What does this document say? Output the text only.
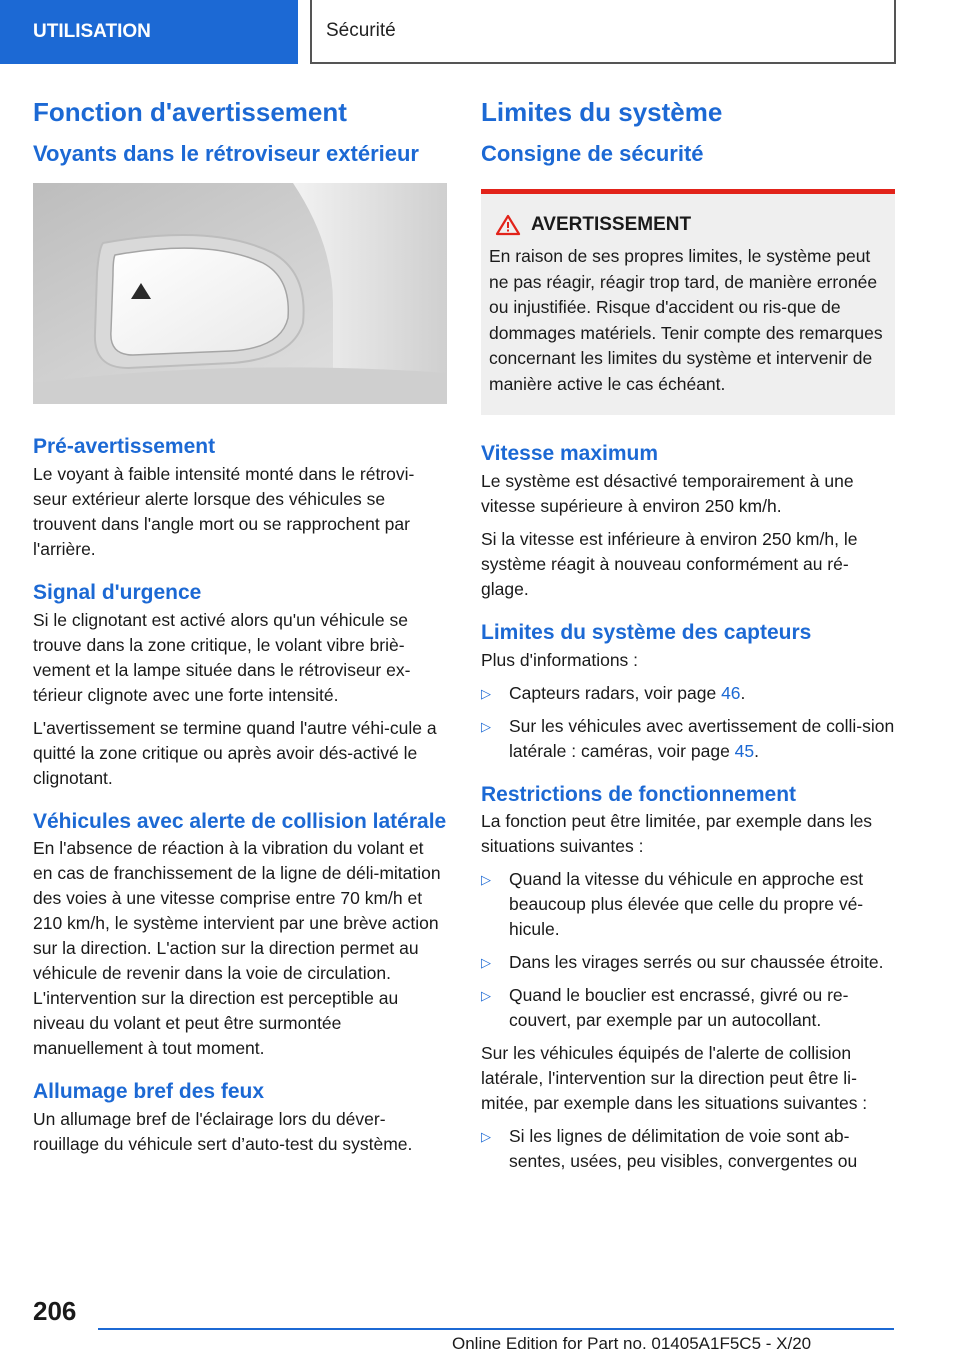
UTILISATION	Sécurité
Fonction d'avertissement
Voyants dans le rétroviseur extérieur
Pré-avertissement

Le voyant à faible intensité monté dans le rétrovi-seur extérieur alerte lorsque des véhicules se trouvent dans l'angle mort ou se rapprochent par l'arrière.

Signal d'urgence

Si le clignotant est activé alors qu'un véhicule se trouve dans la zone critique, le volant vibre briè-vement et la lampe située dans le rétroviseur ex-térieur clignote avec une forte intensité.

L'avertissement se termine quand l'autre véhi-cule a quitté la zone critique ou après avoir dés-activé le clignotant.

Véhicules avec alerte de collision latérale

En l'absence de réaction à la vibration du volant et en cas de franchissement de la ligne de déli-mitation des voies à une vitesse comprise entre 70 km/h et 210 km/h, le système intervient par une brève action sur la direction. L'action sur la direction permet au véhicule de revenir dans la voie de circulation. L'intervention sur la direction est perceptible au niveau du volant et peut être surmontée manuellement à tout moment.

Allumage bref des feux

Un allumage bref de l'éclairage lors du déver-rouillage du véhicule sert d’auto-test du système.

Limites du système
Consigne de sécurité
AVERTISSEMENT

En raison de ses propres limites, le système peut ne pas réagir, réagir trop tard, de manière erronée ou injustifiée. Risque d'accident ou ris-que de dommages matériels. Tenir compte des remarques concernant les limites du système et intervenir de manière active le cas échéant.

Vitesse maximum

Le système est désactivé temporairement à une vitesse supérieure à environ 250 km/h.

Si la vitesse est inférieure à environ 250 km/h, le système réagit à nouveau conformément au ré-glage.

Limites du système des capteurs

Plus d'informations :

▷	Capteurs radars, voir page 46.
▷	Sur les véhicules avec avertissement de colli-sion latérale : caméras, voir page 45.
Restrictions de fonctionnement

La fonction peut être limitée, par exemple dans les situations suivantes :

▷	Quand la vitesse du véhicule en approche est beaucoup plus élevée que celle du propre vé-hicule.
▷	Dans les virages serrés ou sur chaussée étroite.
▷	Quand le bouclier est encrassé, givré ou re-couvert, par exemple par un autocollant.

Sur les véhicules équipés de l'alerte de collision latérale, l'intervention sur la direction peut être li-mitée, par exemple dans les situations suivantes :

▷	Si les lignes de délimitation de voie sont ab-sentes, usées, peu visibles, convergentes ou
206
Online Edition for Part no. 01405A1F5C5 - X/20
